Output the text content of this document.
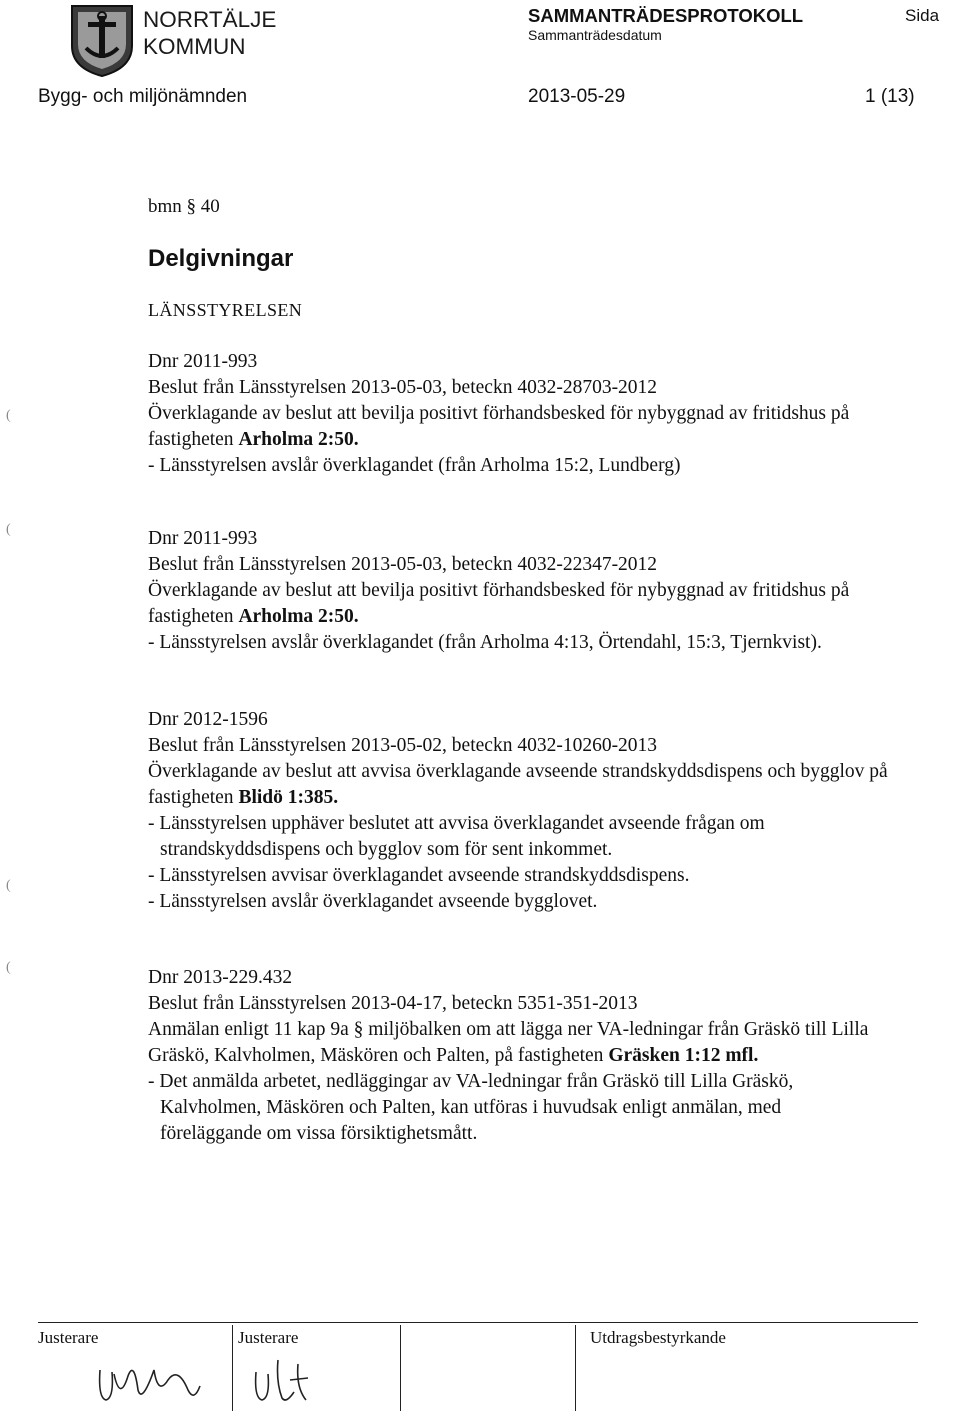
NORRTÄLJE
KOMMUN
SAMMANTRÄDESPROTOKOLL
Sammanträdesdatum
Sida
Bygg- och miljönämnden	2013-05-29	1 (13)
bmn § 40
Delgivningar
LÄNSSTYRELSEN
Dnr 2011-993
Beslut från Länsstyrelsen 2013-05-03, beteckn 4032-28703-2012
Överklagande av beslut att bevilja positivt förhandsbesked för nybyggnad av fritidshus på
fastigheten Arholma 2:50.
- Länsstyrelsen avslår överklagandet (från Arholma 15:2, Lundberg)
Dnr 2011-993
Beslut från Länsstyrelsen 2013-05-03, beteckn 4032-22347-2012
Överklagande av beslut att bevilja positivt förhandsbesked för nybyggnad av fritidshus på
fastigheten Arholma 2:50.
- Länsstyrelsen avslår överklagandet (från Arholma 4:13, Örtendahl, 15:3, Tjernkvist).
Dnr 2012-1596
Beslut från Länsstyrelsen 2013-05-02, beteckn 4032-10260-2013
Överklagande av beslut att avvisa överklagande avseende strandskyddsdispens och bygglov på
fastigheten Blidö 1:385.
- Länsstyrelsen upphäver beslutet att avvisa överklagandet avseende frågan om
strandskyddsdispens och bygglov som för sent inkommet.
- Länsstyrelsen avvisar överklagandet avseende strandskyddsdispens.
- Länsstyrelsen avslår överklagandet avseende bygglovet.
Dnr 2013-229.432
Beslut från Länsstyrelsen 2013-04-17, beteckn 5351-351-2013
Anmälan enligt 11 kap 9a § miljöbalken om att lägga ner VA-ledningar från Gräskö till Lilla
Gräskö, Kalvholmen, Mäskören och Palten, på fastigheten Gräsken 1:12 mfl.
- Det anmälda arbetet, nedläggingar av VA-ledningar från Gräskö till Lilla Gräskö,
Kalvholmen, Mäskören och Palten, kan utföras i huvudsak enligt anmälan, med
föreläggande om vissa försiktighetsmått.
(
(
(
(
Justerare	Justerare	Utdragsbestyrkande
